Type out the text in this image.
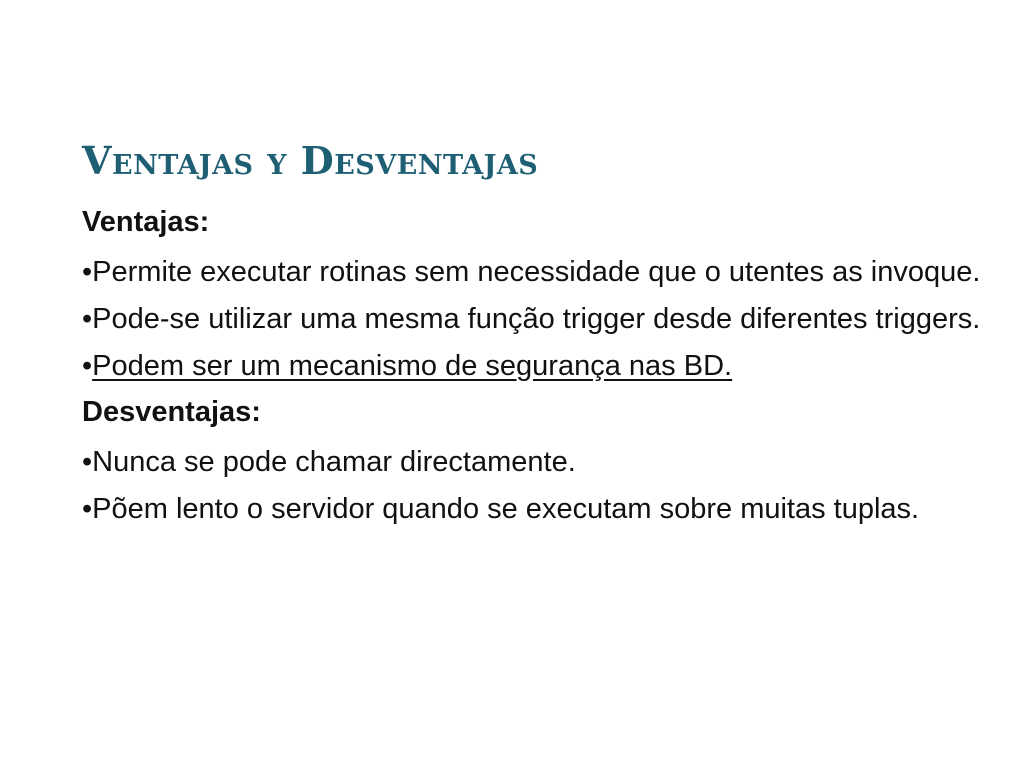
Ventajas y Desventajas
Ventajas:
•Permite executar rotinas sem necessidade que o utentes as invoque.
•Pode-se utilizar uma mesma função trigger desde diferentes triggers.
•Podem ser um mecanismo de segurança nas BD.
Desventajas:
•Nunca se pode chamar directamente.
•Põem lento o servidor quando se executam sobre muitas tuplas.
